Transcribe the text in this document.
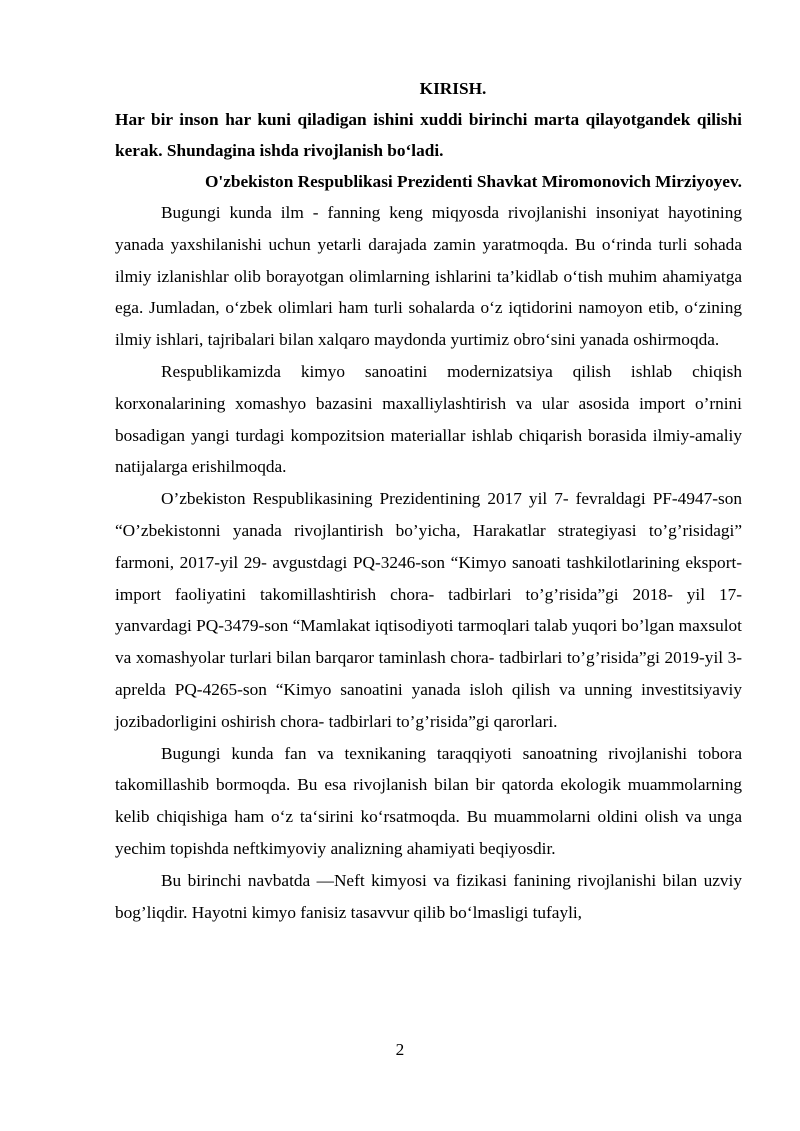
KIRISH.

Har bir inson har kuni qiladigan ishini xuddi birinchi marta qilayotgandek qilishi kerak. Shundagina ishda rivojlanish boʻladi.

O'zbekiston Respublikasi Prezidenti Shavkat Miromonovich Mirziyoyev.

Bugungi kunda ilm - fanning keng miqyosda rivojlanishi insoniyat hayotining yanada yaxshilanishi uchun yetarli darajada zamin yaratmoqda. Bu oʻrinda turli sohada ilmiy izlanishlar olib borayotgan olimlarning ishlarini ta’kidlab oʻtish muhim ahamiyatga ega. Jumladan, oʻzbek olimlari ham turli sohalarda oʻz iqtidorini namoyon etib, oʻzining ilmiy ishlari, tajribalari bilan xalqaro maydonda yurtimiz obroʻsini yanada oshirmoqda.

Respublikamizda kimyo sanoatini modernizatsiya qilish ishlab chiqish korxonalarining xomashyo bazasini maxalliylashtirish va ular asosida import o’rnini bosadigan yangi turdagi kompozitsion materiallar ishlab chiqarish borasida ilmiy-amaliy natijalarga erishilmoqda.

O’zbekiston Respublikasining Prezidentining 2017 yil 7- fevraldagi PF-4947-son “O’zbekistonni yanada rivojlantirish bo’yicha, Harakatlar strategiyasi to’g’risidagi” farmoni, 2017-yil 29- avgustdagi PQ-3246-son “Kimyo sanoati tashkilotlarining eksport-import faoliyatini takomillashtirish chora- tadbirlari to’g’risida”gi 2018- yil 17- yanvardagi PQ-3479-son “Mamlakat iqtisodiyoti tarmoqlari talab yuqori bo’lgan maxsulot va xomashyolar turlari bilan barqaror taminlash chora- tadbirlari to’g’risida”gi 2019-yil 3-aprelda PQ-4265-son “Kimyo sanoatini yanada isloh qilish va unning investitsiyaviy jozibadorligini oshirish chora- tadbirlari to’g’risida”gi qarorlari.

Bugungi kunda fan va texnikaning taraqqiyoti sanoatning rivojlanishi tobora takomillashib bormoqda. Bu esa rivojlanish bilan bir qatorda ekologik muammolarning kelib chiqishiga ham oʻz taʻsirini koʻrsatmoqda. Bu muammolarni oldini olish va unga yechim topishda neftkimyoviy analizning ahamiyati beqiyosdir.

Bu birinchi navbatda —Neft kimyosi va fizikasi fanining rivojlanishi bilan uzviy bog’liqdir. Hayotni kimyo fanisiz tasavvur qilib boʻlmasligi tufayli,

2
